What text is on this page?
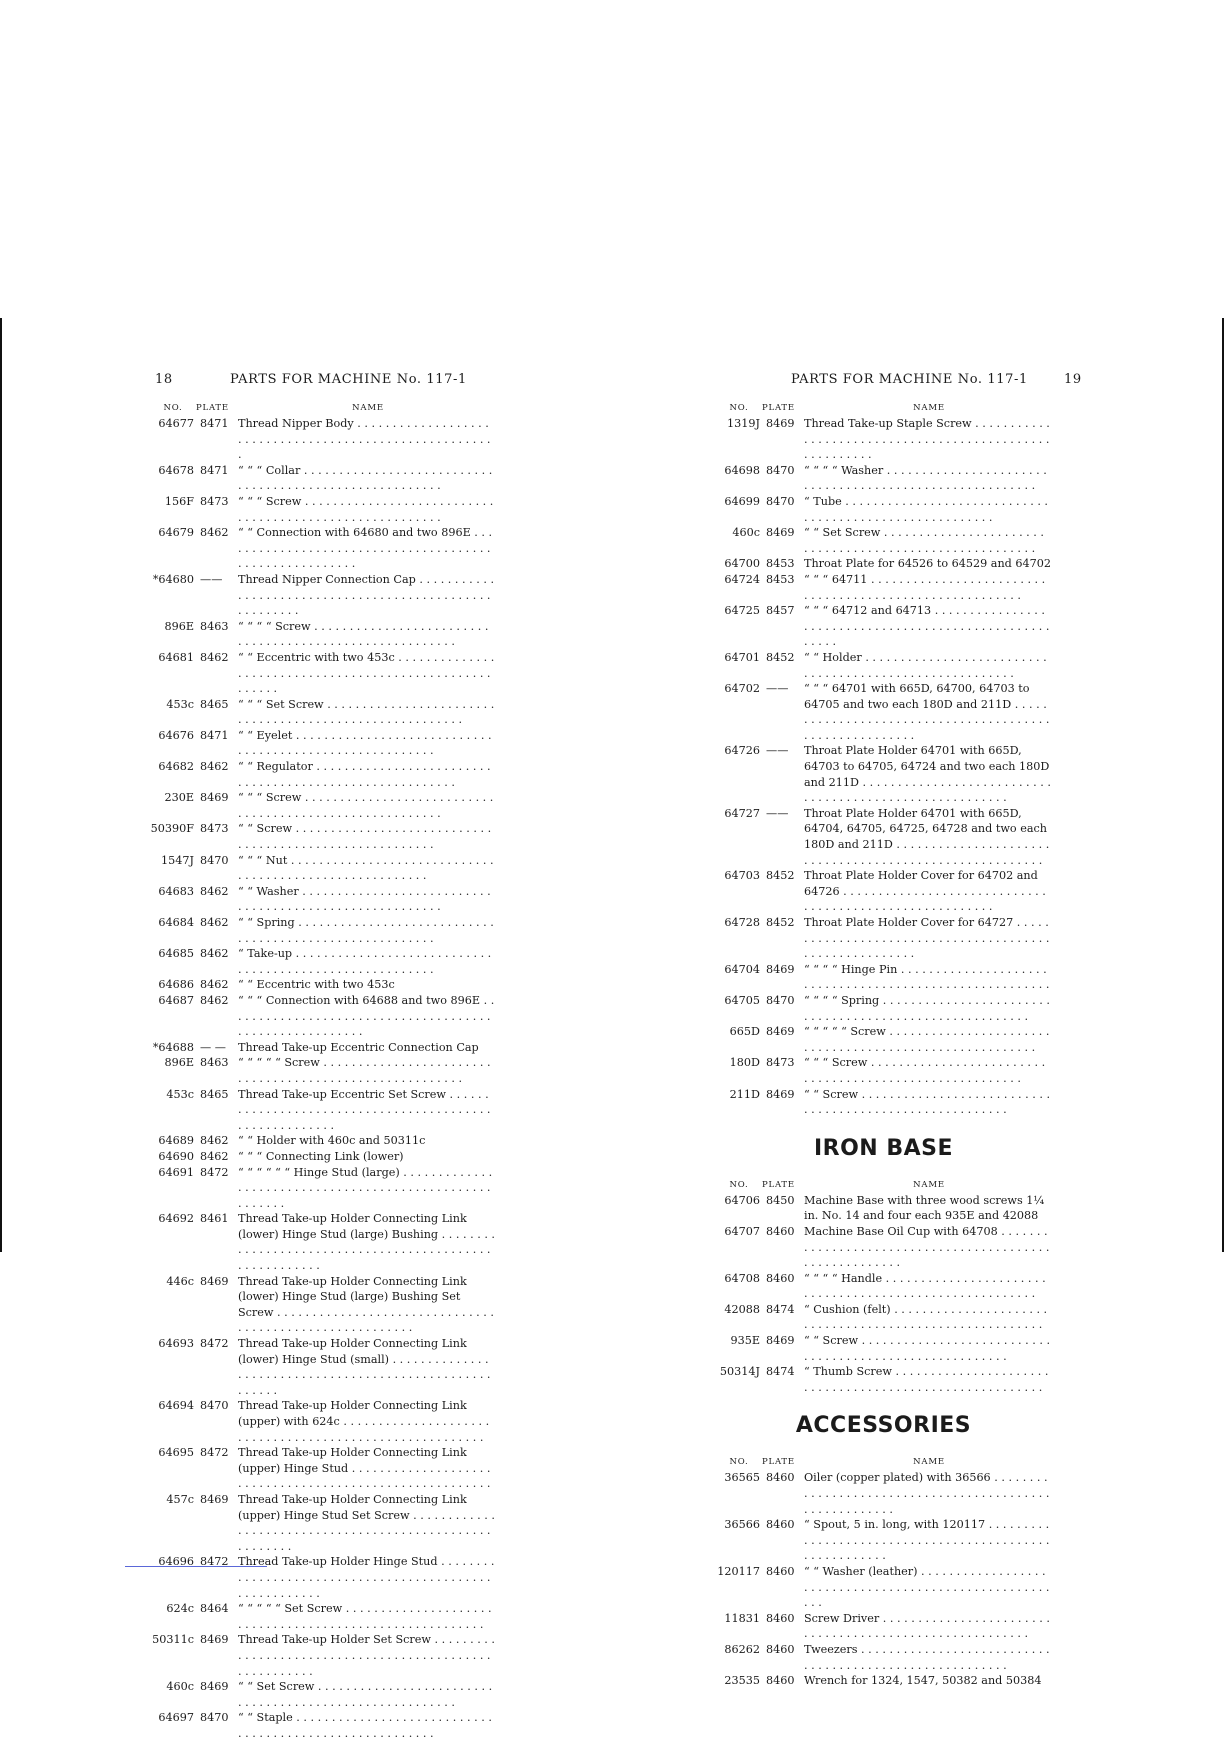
18	PARTS FOR MACHINE No. 117-1
NO.	PLATE	NAME
64677 8471 Thread Nipper Body . . .
64678 8471 “ “ “ Collar . . .
156F 8473 “ “ “ Screw . . .
64679 8462 “ “ Connection with 64680 and two 896E . . .
*64680 ——	Thread Nipper Connection Cap . . .
896E 8463 “ “ “ “ Screw . . .
64681 8462 “ “ Eccentric with two 453c . . .
453c 8465 “ “ “ Set Screw . . .
64676 8471 “ “ Eyelet . . .
64682 8462 “ “ Regulator . . .
230E 8469 “ “ “ Screw . . .
50390F 8473 “ “ Screw . . .
1547J 8470 “ “ “ Nut . . .
64683 8462 “ “ Washer . . .
64684 8462 “ “ Spring . . .
64685 8462 “ Take-up . . .
64686 8462 “ “ Eccentric with two 453c
64687 8462 “ “ “ Connection with 64688 and two 896E . . .
*64688 — —	Thread Take-up Eccentric Connection Cap
896E 8463 “ “ “ “ “ Screw . . .
453c 8465 Thread Take-up Eccentric Set Screw . . .
64689 8462 “ “ Holder with 460c and 50311c
64690 8462 “ “ “ Connecting Link (lower)
64691 8472 “ “ “ “ “ “ Hinge Stud (large) . . .
64692 8461 Thread Take-up Holder Connecting Link (lower) Hinge Stud (large) Bushing . . .
446c 8469 Thread Take-up Holder Connecting Link (lower) Hinge Stud (large) Bushing Set Screw . . .
64693 8472 Thread Take-up Holder Connecting Link (lower) Hinge Stud (small) . . .
64694 8470 Thread Take-up Holder Connecting Link (upper) with 624c . . .
64695 8472 Thread Take-up Holder Connecting Link (upper) Hinge Stud . . .
457c 8469 Thread Take-up Holder Connecting Link (upper) Hinge Stud Set Screw . . .
64696 8472 Thread Take-up Holder Hinge Stud . . .
624c 8464 “ “ “ “ “ Set Screw . . .
50311c 8469 Thread Take-up Holder Set Screw . . .
460c 8469 “ “ Set Screw . . .
64697 8470 “ “ Staple . . .
PARTS FOR MACHINE No. 117-1	19
NO.	PLATE	NAME
1319J 8469 Thread Take-up Staple Screw . . .
64698 8470 “ “ “ “ Washer . . .
64699 8470 “ Tube . . .
460c 8469 “ “ Set Screw . . .
64700 8453 Throat Plate for 64526 to 64529 and 64702
64724 8453 “ “ “ 64711 . . .
64725 8457 “ “ “ 64712 and 64713 . . .
64701 8452 “ “ Holder . . .
64702 ——	“ “ “ 64701 with 665D, 64700, 64703 to 64705 and two each 180D and 211D . . .
64726 ——	Throat Plate Holder 64701 with 665D, 64703 to 64705, 64724 and two each 180D and 211D . . .
64727 ——	Throat Plate Holder 64701 with 665D, 64704, 64705, 64725, 64728 and two each 180D and 211D . . .
64703 8452 Throat Plate Holder Cover for 64702 and 64726 . . .
64728 8452 Throat Plate Holder Cover for 64727 . . .
64704 8469 “ “ “ “ Hinge Pin . . .
64705 8470 “ “ “ “ Spring . . .
665D 8469 “ “ “ “ “ Screw . . .
180D 8473 “ “ “ Screw . . .
211D 8469 “ “ Screw . . .
IRON BASE
NO.	PLATE	NAME
64706 8450 Machine Base with three wood screws 1¼ in. No. 14 and four each 935E and 42088
64707 8460 Machine Base Oil Cup with 64708 . . .
64708 8460 “ “ “ “ Handle . . .
42088 8474 “ Cushion (felt) . . .
935E 8469 “ “ Screw . . .
50314J 8474 “ Thumb Screw . . .
ACCESSORIES
NO.	PLATE	NAME
36565 8460 Oiler (copper plated) with 36566 . . .
36566 8460 “ Spout, 5 in. long, with 120117 . . .
120117 8460 “ “ Washer (leather) . . .
11831 8460 Screw Driver . . .
86262 8460 Tweezers . . .
23535 8460 Wrench for 1324, 1547, 50382 and 50384
